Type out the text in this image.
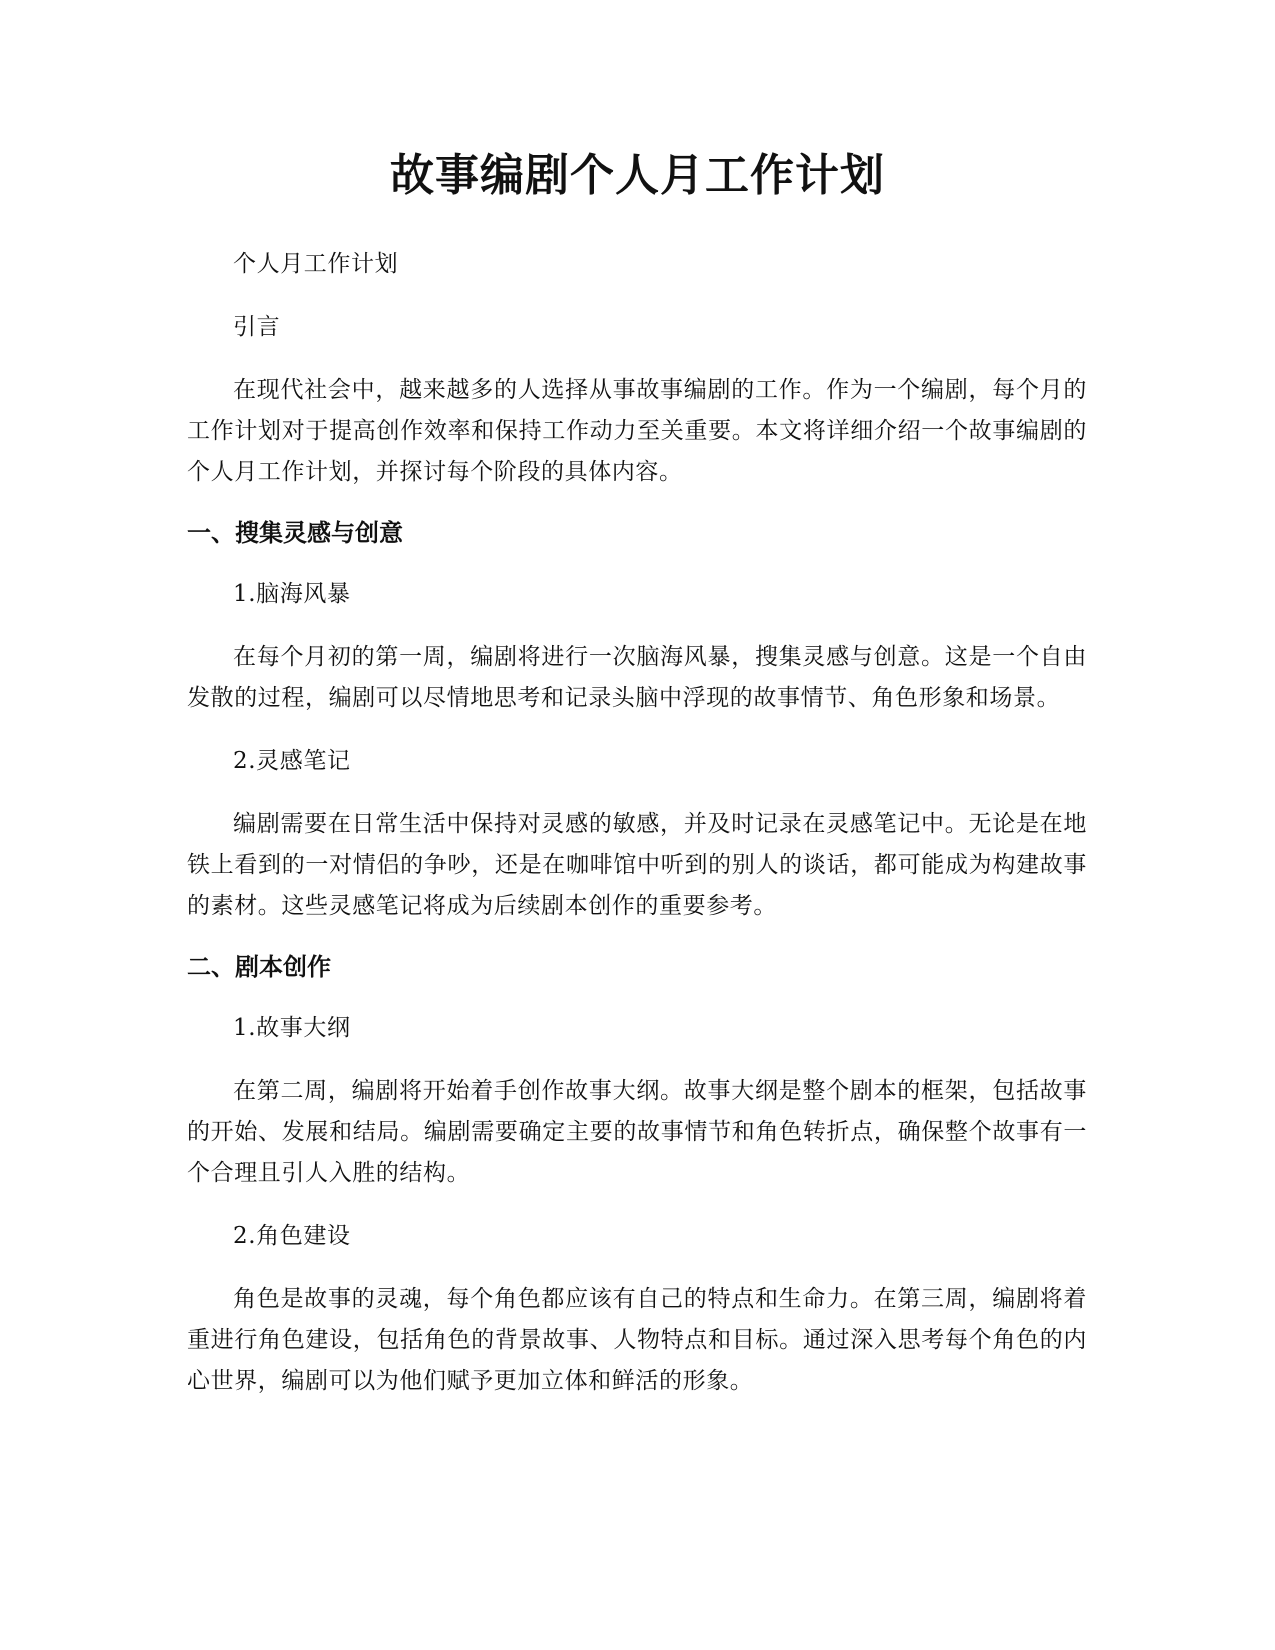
故事编剧个人月工作计划

个人月工作计划

引言

在现代社会中，越来越多的人选择从事故事编剧的工作。作为一个编剧，每个月的工作计划对于提高创作效率和保持工作动力至关重要。本文将详细介绍一个故事编剧的个人月工作计划，并探讨每个阶段的具体内容。

一、搜集灵感与创意

1.脑海风暴

在每个月初的第一周，编剧将进行一次脑海风暴，搜集灵感与创意。这是一个自由发散的过程，编剧可以尽情地思考和记录头脑中浮现的故事情节、角色形象和场景。

2.灵感笔记

编剧需要在日常生活中保持对灵感的敏感，并及时记录在灵感笔记中。无论是在地铁上看到的一对情侣的争吵，还是在咖啡馆中听到的别人的谈话，都可能成为构建故事的素材。这些灵感笔记将成为后续剧本创作的重要参考。

二、剧本创作

1.故事大纲

在第二周，编剧将开始着手创作故事大纲。故事大纲是整个剧本的框架，包括故事的开始、发展和结局。编剧需要确定主要的故事情节和角色转折点，确保整个故事有一个合理且引人入胜的结构。

2.角色建设

角色是故事的灵魂，每个角色都应该有自己的特点和生命力。在第三周，编剧将着重进行角色建设，包括角色的背景故事、人物特点和目标。通过深入思考每个角色的内心世界，编剧可以为他们赋予更加立体和鲜活的形象。
